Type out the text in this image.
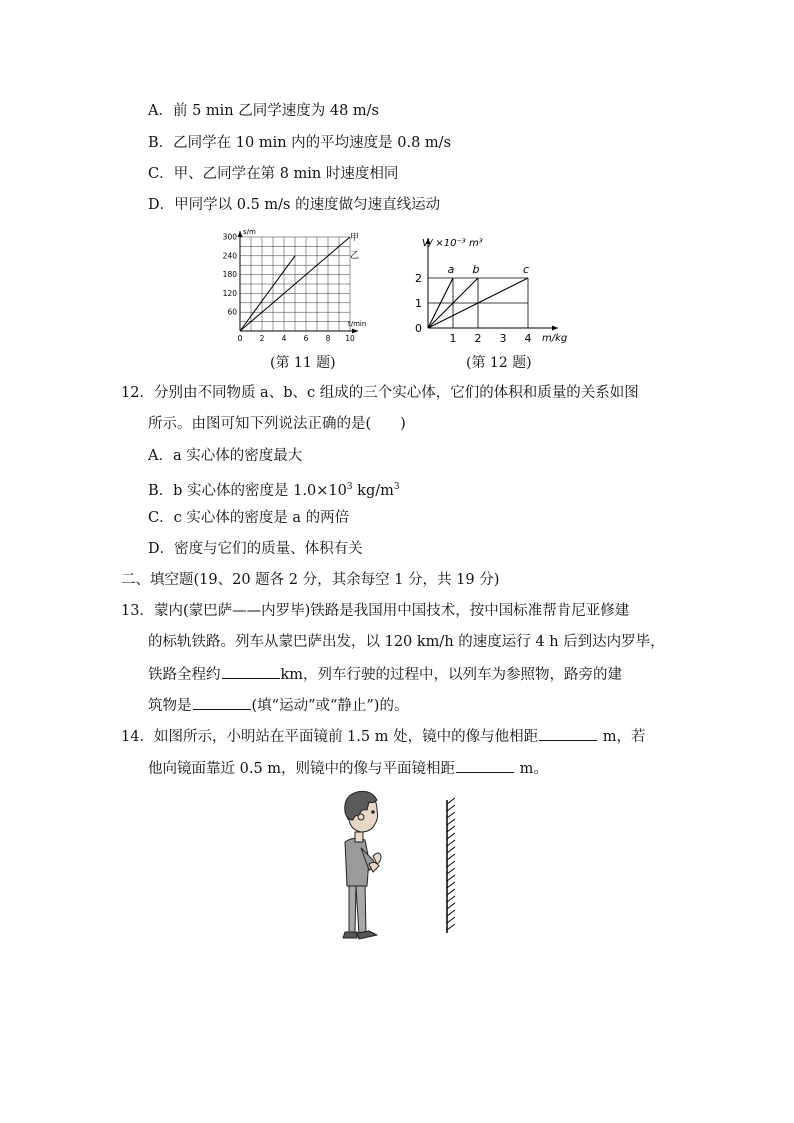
A．前 5 min 乙同学速度为 48 m/s
B．乙同学在 10 min 内的平均速度是 0.8 m/s
C．甲、乙同学在第 8 min 时速度相同
D．甲同学以 0.5 m/s 的速度做匀速直线运动
300
240
180
120
60
0 2 4 6 8 10
s/m
t/min
甲
乙
(第 11 题)
a b	c
2
1
0
1 2 3 4
V/ ×10⁻³ m³
m/kg
(第 12 题)
12．分别由不同物质 a、b、c 组成的三个实心体，它们的体积和质量的关系如图
所示。由图可知下列说法正确的是(　　)
A．a 实心体的密度最大
B．b 实心体的密度是 $1.0\times 10^3$ $kg/m^3$
C．c 实心体的密度是 a 的两倍
D．密度与它们的质量、体积有关
二、填空题(19、20 题各 2 分，其余每空 1 分，共 19 分)
13．蒙内(蒙巴萨——内罗毕)铁路是我国用中国技术，按中国标准帮肯尼亚修建
的标轨铁路。列车从蒙巴萨出发，以 120 km/h 的速度运行 4 h 后到达内罗毕，
铁路全程约	km，列车行驶的过程中，以列车为参照物，路旁的建
筑物是	(填“运动”或“静止”)的。
14．如图所示，小明站在平面镜前 1.5 m 处，镜中的像与他相距	m，若
他向镜面靠近 0.5 m，则镜中的像与平面镜相距	m。
